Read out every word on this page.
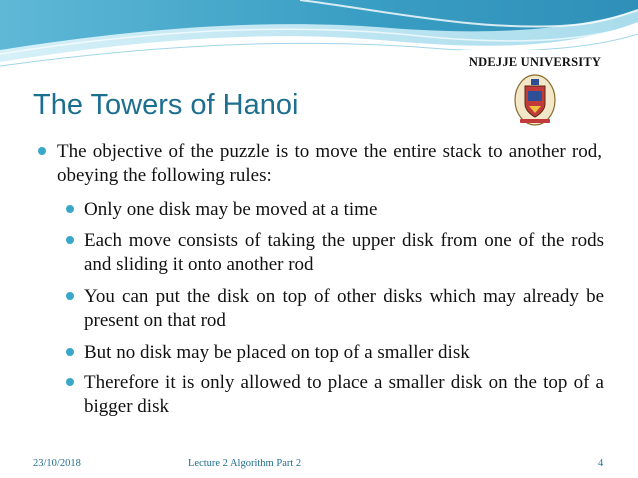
NDEJJE UNIVERSITY
The Towers of Hanoi
The objective of the puzzle is to move the entire stack to another rod, obeying the following rules:
Only one disk may be moved at a time
Each move consists of taking the upper disk from one of the rods and sliding it onto another rod
You can put the disk on top of other disks which may already be present on that rod
But no disk may be placed on top of a smaller disk
Therefore it is only allowed to place a smaller disk on the top of a bigger disk
23/10/2018	Lecture 2 Algorithm Part 2	4
